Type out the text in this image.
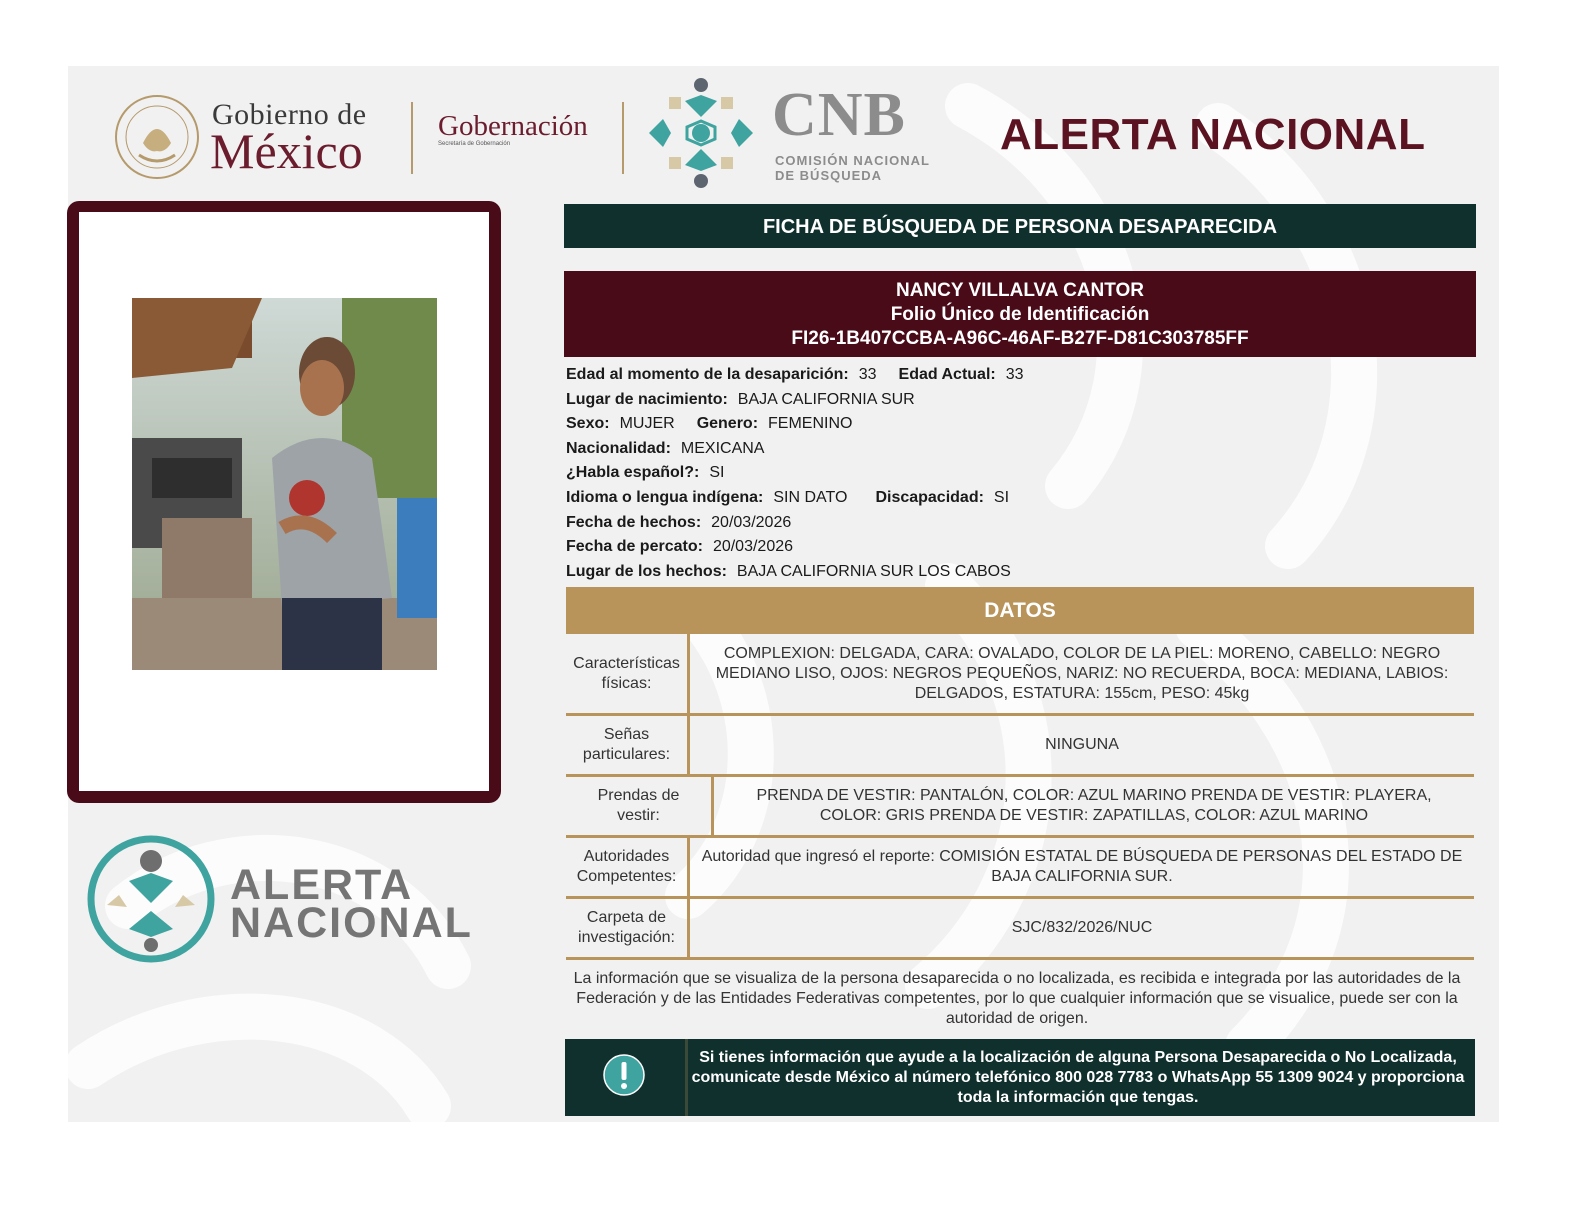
Gobierno de
México	Gobernación
Secretaría de Gobernación	CNB
COMISIÓN NACIONAL
DE BÚSQUEDA
ALERTA NACIONAL
ALERTA
NACIONAL
FICHA DE BÚSQUEDA DE PERSONA DESAPARECIDA
NANCY VILLALVA CANTOR
Folio Único de Identificación
FI26-1B407CCBA-A96C-46AF-B27F-D81C303785FF
Edad al momento de la desaparición: 33 Edad Actual: 33
Lugar de nacimiento: BAJA CALIFORNIA SUR
Sexo: MUJER Genero: FEMENINO
Nacionalidad: MEXICANA
¿Habla español?: SI
Idioma o lengua indígena: SIN DATO Discapacidad: SI
Fecha de hechos: 20/03/2026
Fecha de percato: 20/03/2026
Lugar de los hechos: BAJA CALIFORNIA SUR LOS CABOS
DATOS
Características físicas:
COMPLEXION: DELGADA, CARA: OVALADO, COLOR DE LA PIEL: MORENO, CABELLO: NEGRO MEDIANO LISO, OJOS: NEGROS PEQUEÑOS, NARIZ: NO RECUERDA, BOCA: MEDIANA, LABIOS: DELGADOS, ESTATURA: 155cm, PESO: 45kg
Señas particulares:
NINGUNA
Prendas de vestir:
PRENDA DE VESTIR: PANTALÓN, COLOR: AZUL MARINO PRENDA DE VESTIR: PLAYERA, COLOR: GRIS PRENDA DE VESTIR: ZAPATILLAS, COLOR: AZUL MARINO
Autoridades Competentes:
Autoridad que ingresó el reporte: COMISIÓN ESTATAL DE BÚSQUEDA DE PERSONAS DEL ESTADO DE BAJA CALIFORNIA SUR.
Carpeta de investigación:
SJC/832/2026/NUC
La información que se visualiza de la persona desaparecida o no localizada, es recibida e integrada por las autoridades de la Federación y de las Entidades Federativas competentes, por lo que cualquier información que se visualice, puede ser con la autoridad de origen.
Si tienes información que ayude a la localización de alguna Persona Desaparecida o No Localizada, comunicate desde México al número telefónico 800 028 7783 o WhatsApp 55 1309 9024 y proporciona toda la información que tengas.
